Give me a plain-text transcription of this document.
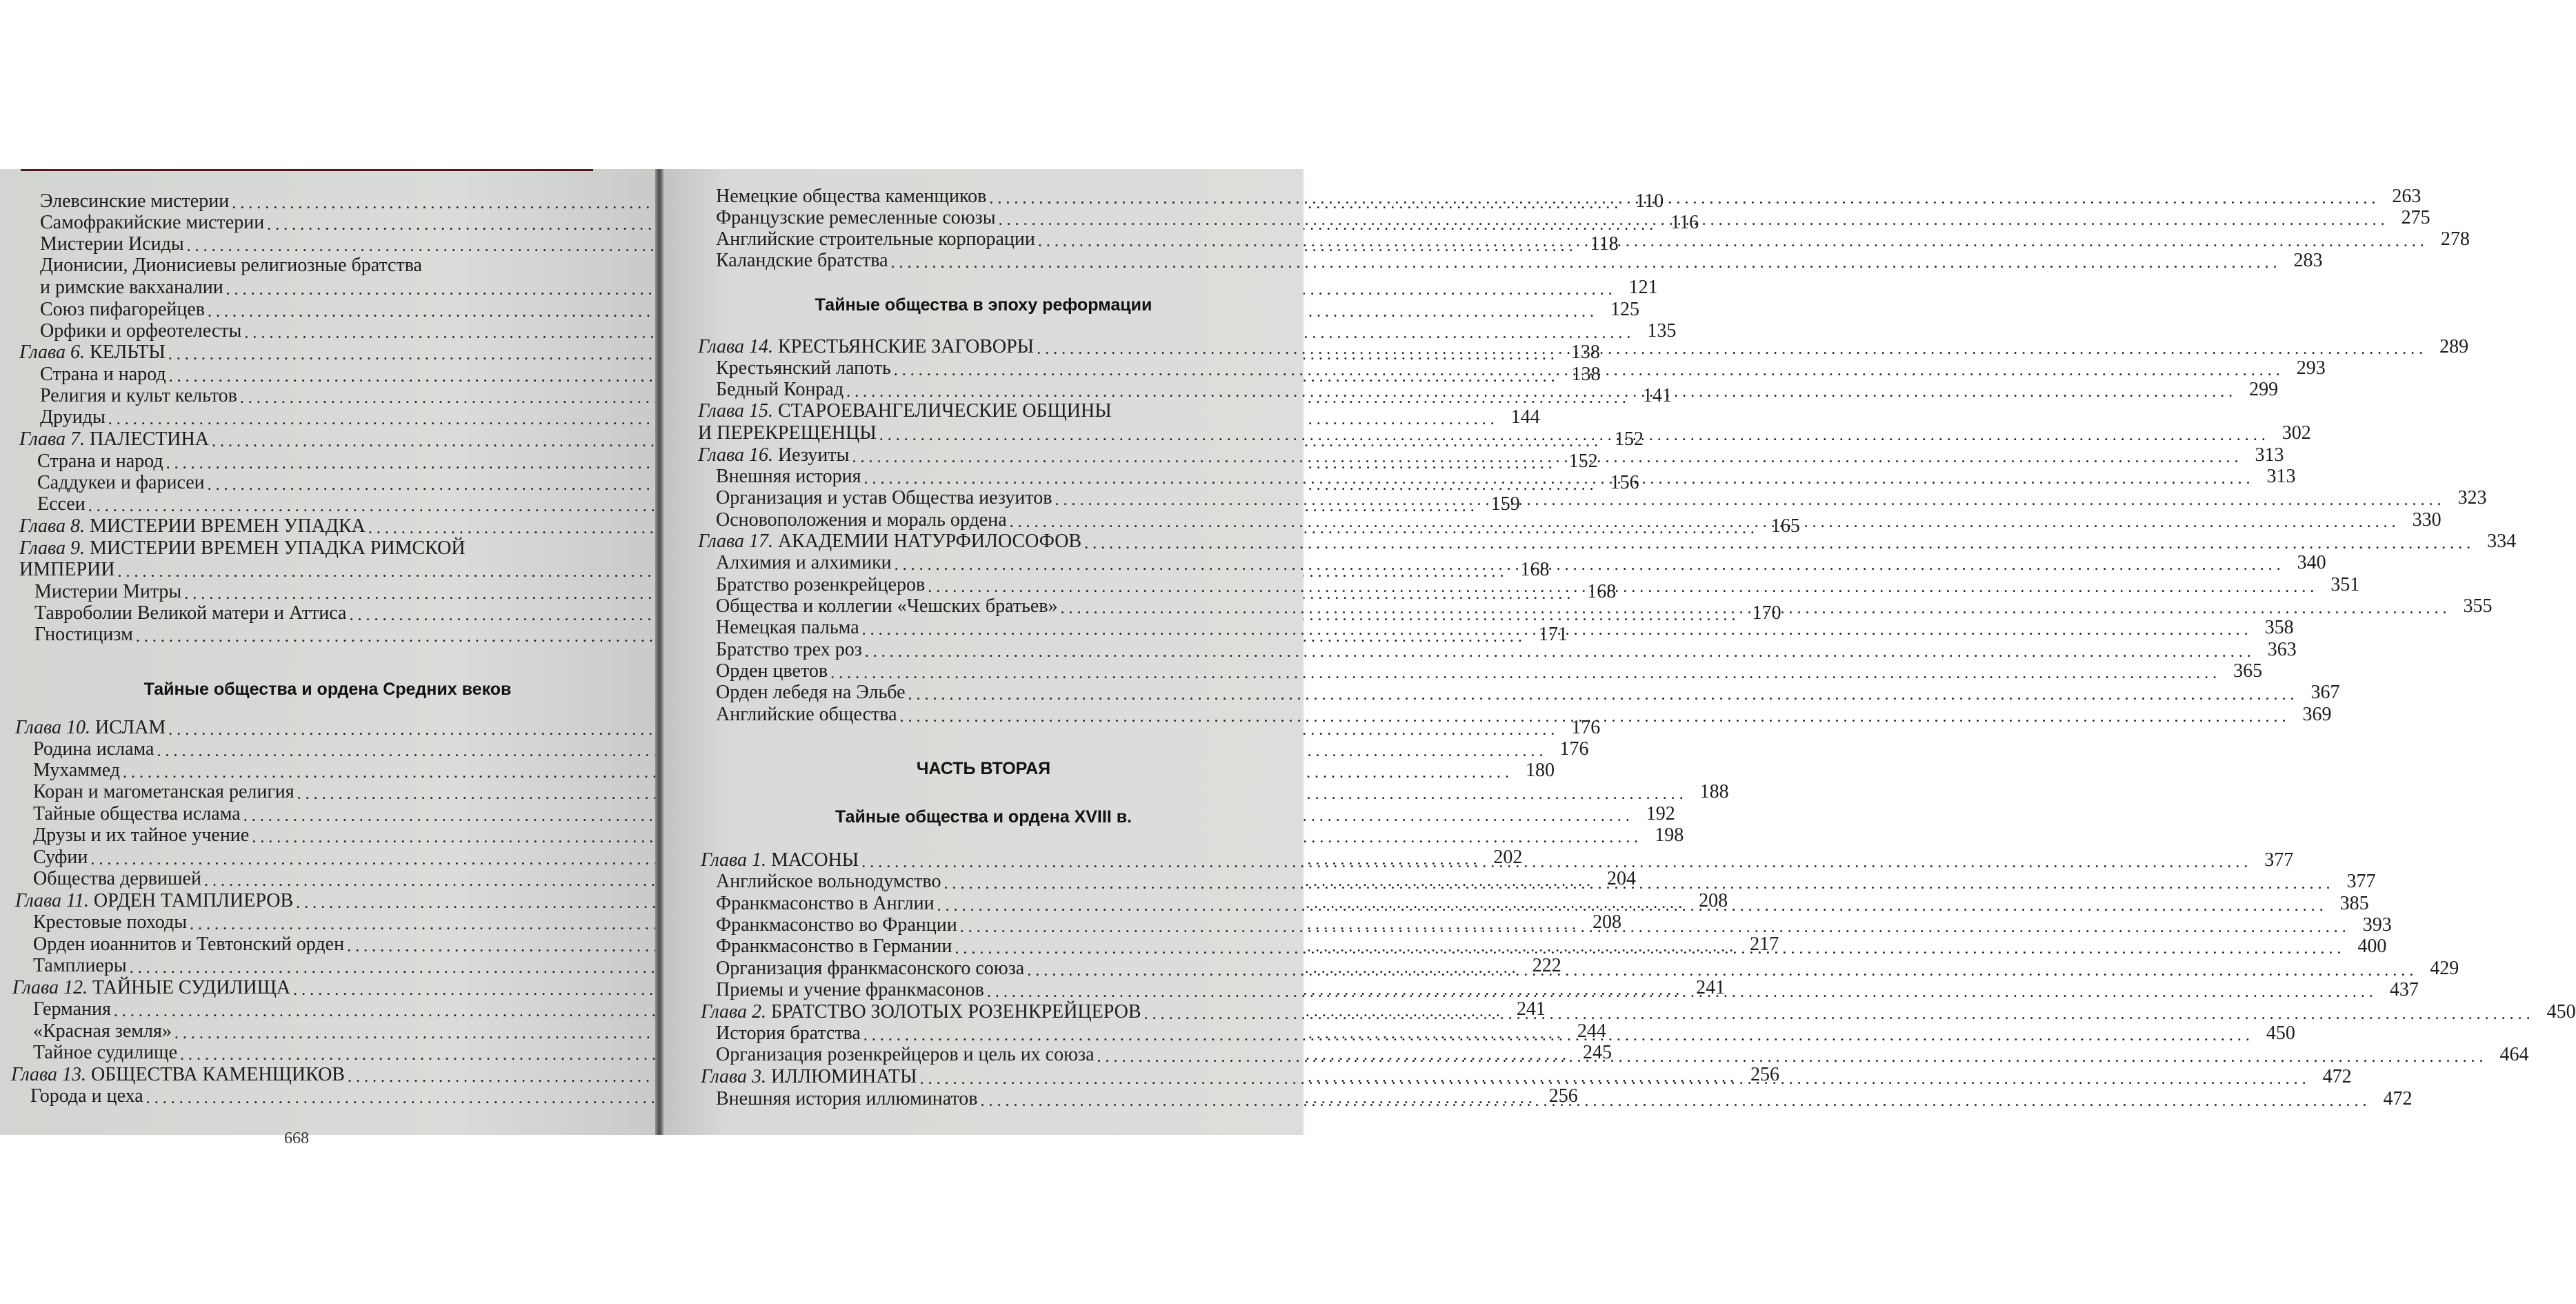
Элевсинские мистерии .....	110
Самофракийские мистерии .....	116
Мистерии Исиды .....	118
Дионисии, Дионисиевы религиозные братства
и римские вакханалии .....	121
Союз пифагорейцев .....	125
Орфики и орфеотелесты .....	135
Глава 6. КЕЛЬТЫ .....	138
Страна и народ .....	138
Религия и культ кельтов .....	141
Друиды .....	144
Глава 7. ПАЛЕСТИНА .....	152
Страна и народ .....	152
Саддукеи и фарисеи .....	156
Ессеи .....	159
Глава 8. МИСТЕРИИ ВРЕМЕН УПАДКА .....	165
Глава 9. МИСТЕРИИ ВРЕМЕН УПАДКА РИМСКОЙ
ИМПЕРИИ .....	168
Мистерии Митры .....	168
Тавроболии Великой матери и Аттиса .....	170
Гностицизм .....	171
Тайные общества и ордена Средних веков
Глава 10. ИСЛАМ .....	176
Родина ислама .....	176
Мухаммед .....	180
Коран и магометанская религия .....	188
Тайные общества ислама .....	192
Друзы и их тайное учение .....	198
Суфии .....	202
Общества дервишей .....	204
Глава 11. ОРДЕН ТАМПЛИЕРОВ .....	208
Крестовые походы .....	208
Орден иоаннитов и Тевтонский орден .....	217
Тамплиеры .....	222
Глава 12. ТАЙНЫЕ СУДИЛИЩА .....	241
Германия .....	241
«Красная земля» .....	244
Тайное судилище .....	245
Глава 13. ОБЩЕСТВА КАМЕНЩИКОВ .....	256
Города и цеха .....	256
668
Немецкие общества каменщиков .....	263
Французские ремесленные союзы .....	275
Английские строительные корпорации .....	278
Каландские братства .....	283
Тайные общества в эпоху реформации
Глава 14. КРЕСТЬЯНСКИЕ ЗАГОВОРЫ .....	289
Крестьянский лапоть .....	293
Бедный Конрад .....	299
Глава 15. СТАРОЕВАНГЕЛИЧЕСКИЕ ОБЩИНЫ
И ПЕРЕКРЕЩЕНЦЫ .....	302
Глава 16. Иезуиты .....	313
Внешняя история .....	313
Организация и устав Общества иезуитов .....	323
Основоположения и мораль ордена .....	330
Глава 17. АКАДЕМИИ НАТУРФИЛОСОФОВ .....	334
Алхимия и алхимики .....	340
Братство розенкрейцеров .....	351
Общества и коллегии «Чешских братьев» .....	355
Немецкая пальма .....	358
Братство трех роз .....	363
Орден цветов .....	365
Орден лебедя на Эльбе .....	367
Английские общества .....	369
ЧАСТЬ ВТОРАЯ
Тайные общества и ордена XVIII в.
Глава 1. МАСОНЫ .....	377
Английское вольнодумство .....	377
Франкмасонство в Англии .....	385
Франкмасонство во Франции .....	393
Франкмасонство в Германии .....	400
Организация франкмасонского союза .....	429
Приемы и учение франкмасонов .....	437
Глава 2. БРАТСТВО ЗОЛОТЫХ РОЗЕНКРЕЙЦЕРОВ .....	450
История братства .....	450
Организация розенкрейцеров и цель их союза .....	464
Глава 3. ИЛЛЮМИНАТЫ .....	472
Внешняя история иллюминатов .....	472
